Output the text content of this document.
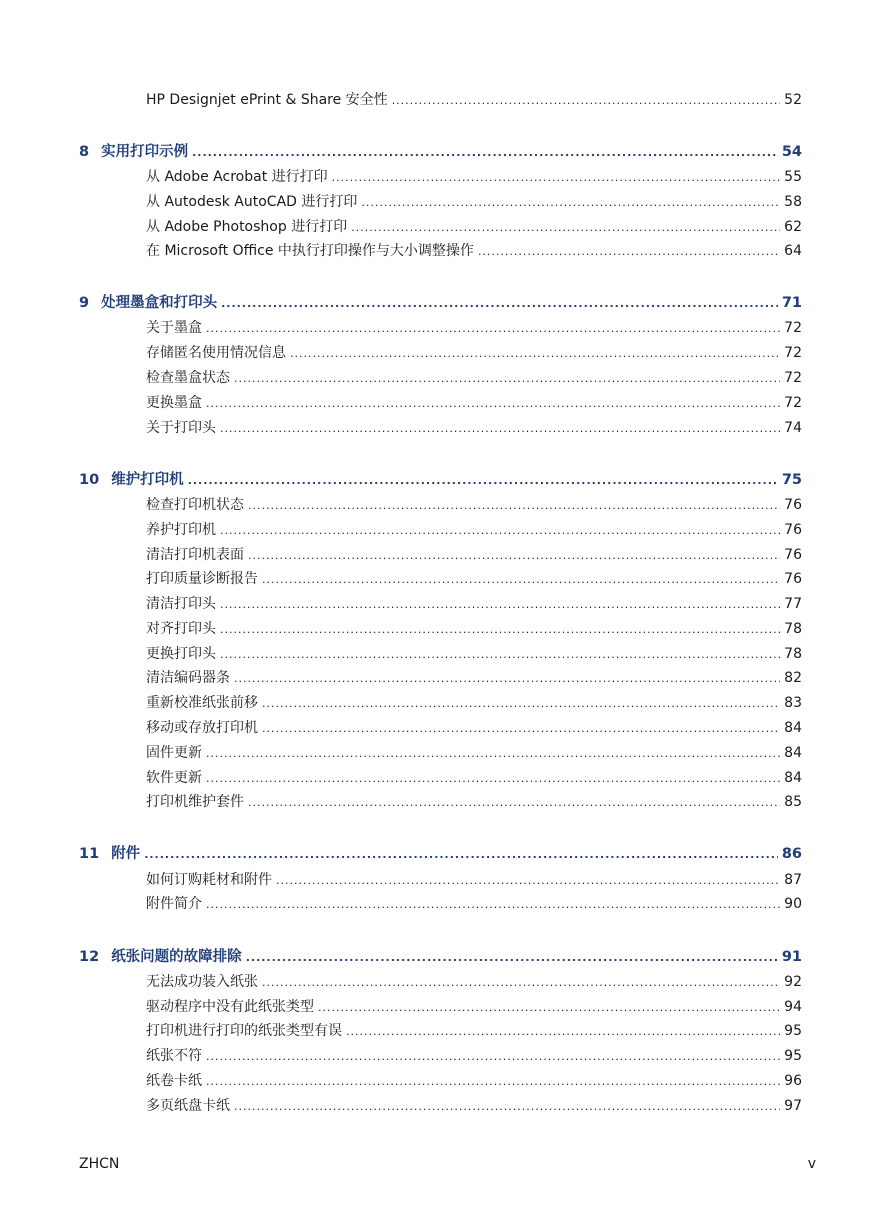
HP Designjet ePrint & Share 安全性 .....	52
8 实用打印示例 .....	54
从 Adobe Acrobat 进行打印 .....	55
从 Autodesk AutoCAD 进行打印 .....	58
从 Adobe Photoshop 进行打印 .....	62
在 Microsoft Office 中执行打印操作与大小调整操作 .....	64
9 处理墨盒和打印头 .....	71
关于墨盒 .....	72
存储匿名使用情况信息 .....	72
检查墨盒状态 .....	72
更换墨盒 .....	72
关于打印头 .....	74
10 维护打印机 .....	75
检查打印机状态 .....	76
养护打印机 .....	76
清洁打印机表面 .....	76
打印质量诊断报告 .....	76
清洁打印头 .....	77
对齐打印头 .....	78
更换打印头 .....	78
清洁编码器条 .....	82
重新校准纸张前移 .....	83
移动或存放打印机 .....	84
固件更新 .....	84
软件更新 .....	84
打印机维护套件 .....	85
11 附件 .....	86
如何订购耗材和附件 .....	87
附件简介 .....	90
12 纸张问题的故障排除 .....	91
无法成功装入纸张 .....	92
驱动程序中没有此纸张类型 .....	94
打印机进行打印的纸张类型有误 .....	95
纸张不符 .....	95
纸卷卡纸 .....	96
多页纸盘卡纸 .....	97
ZHCN	v
